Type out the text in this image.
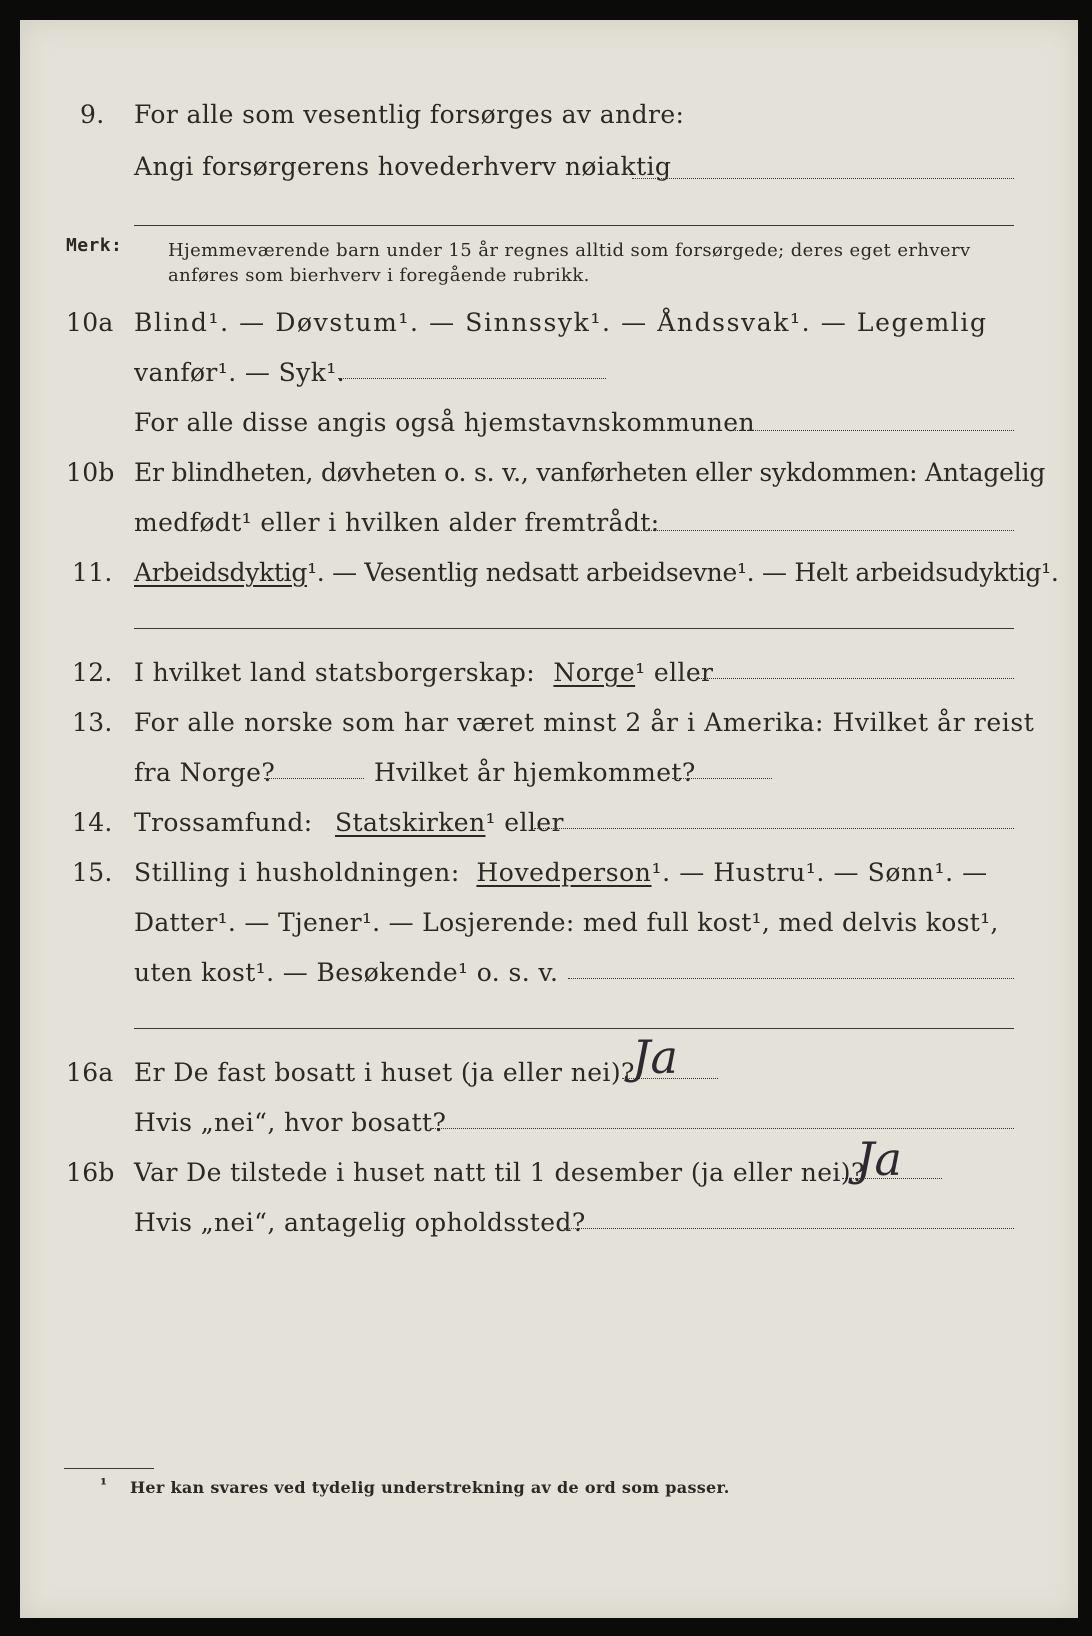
9. For alle som vesentlig forsørges av andre:
Angi forsørgerens hovederhverv nøiaktig
Merk:	Hjemmeværende barn under 15 år regnes alltid som forsørgede; deres eget erhverv
anføres som bierhverv i foregående rubrikk.
10a Blind¹. — Døvstum¹. — Sinnssyk¹. — Åndssvak¹. — Legemlig
vanfør¹. — Syk¹.
For alle disse angis også hjemstavnskommunen
10b Er blindheten, døvheten o. s. v., vanførheten eller sykdommen: Antagelig
medfødt¹ eller i hvilken alder fremtrådt:
11. Arbeidsdyktig¹. — Vesentlig nedsatt arbeidsevne¹. — Helt arbeidsudyktig¹.
12. I hvilket land statsborgerskap: Norge¹ eller
13. For alle norske som har været minst 2 år i Amerika: Hvilket år reist
fra Norge?	Hvilket år hjemkommet?
14. Trossamfund: Statskirken¹ eller
15. Stilling i husholdningen: Hovedperson¹. — Hustru¹. — Sønn¹. —
Datter¹. — Tjener¹. — Losjerende: med full kost¹, med delvis kost¹,
uten kost¹. — Besøkende¹ o. s. v.
16a Er De fast bosatt i huset (ja eller nei)?
Ja
Hvis „nei“, hvor bosatt?
16b Var De tilstede i huset natt til 1 desember (ja eller nei)?
Ja
Hvis „nei“, antagelig opholdssted?
¹ Her kan svares ved tydelig understrekning av de ord som passer.
